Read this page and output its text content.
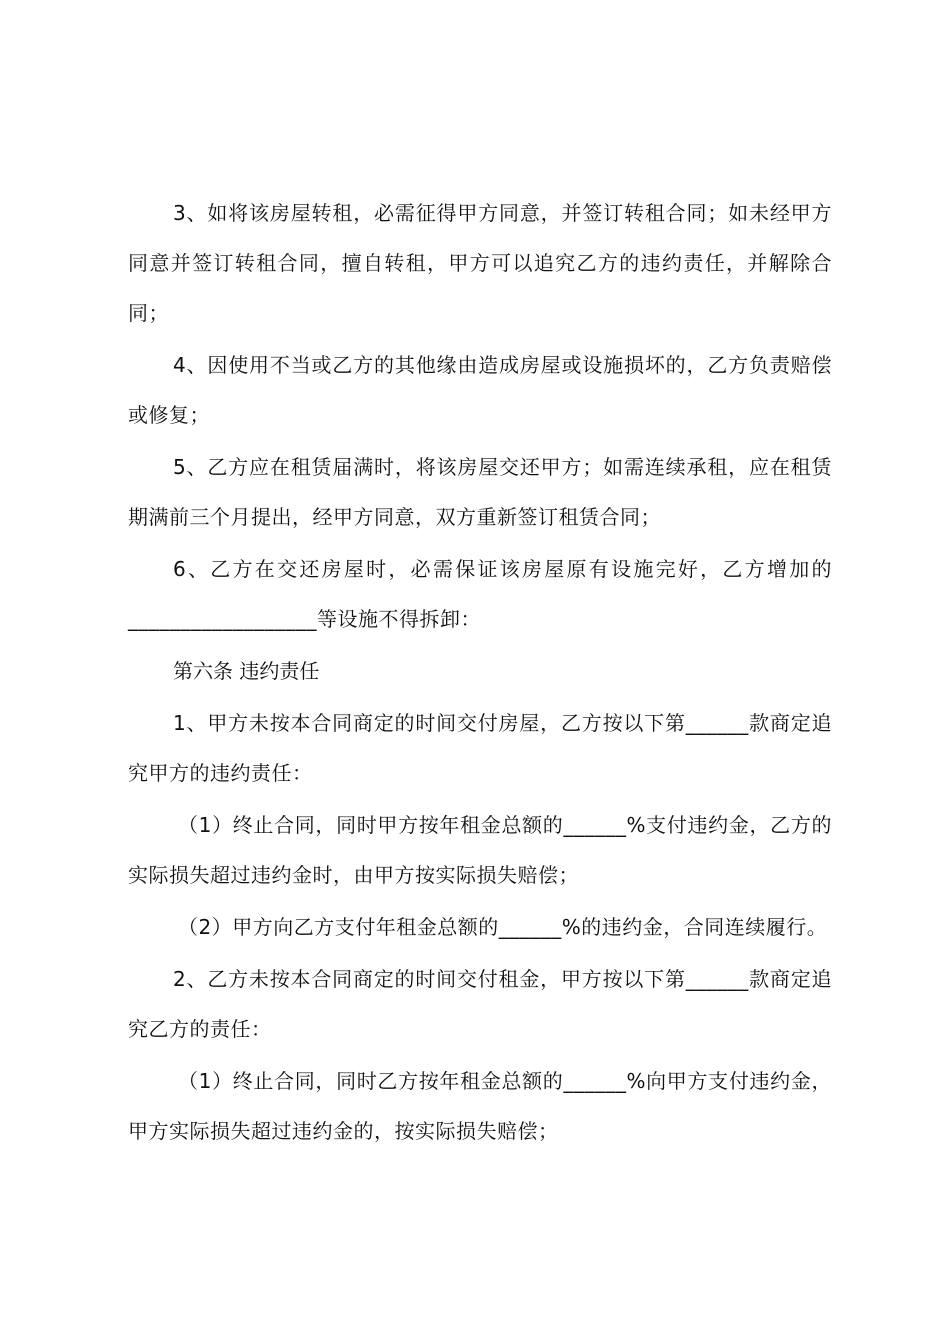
3、如将该房屋转租，必需征得甲方同意，并签订转租合同；如未经甲方同意并签订转租合同，擅自转租，甲方可以追究乙方的违约责任，并解除合同；

4、因使用不当或乙方的其他缘由造成房屋或设施损坏的，乙方负责赔偿或修复；

5、乙方应在租赁届满时，将该房屋交还甲方；如需连续承租，应在租赁期满前三个月提出，经甲方同意，双方重新签订租赁合同；

6、乙方在交还房屋时，必需保证该房屋原有设施完好，乙方增加的__________________等设施不得拆卸：

第六条 违约责任

1、甲方未按本合同商定的时间交付房屋，乙方按以下第______款商定追究甲方的违约责任：

（1）终止合同，同时甲方按年租金总额的______%支付违约金，乙方的实际损失超过违约金时，由甲方按实际损失赔偿；

（2）甲方向乙方支付年租金总额的______%的违约金，合同连续履行。

2、乙方未按本合同商定的时间交付租金，甲方按以下第______款商定追究乙方的责任：

（1）终止合同，同时乙方按年租金总额的______%向甲方支付违约金，甲方实际损失超过违约金的，按实际损失赔偿；
